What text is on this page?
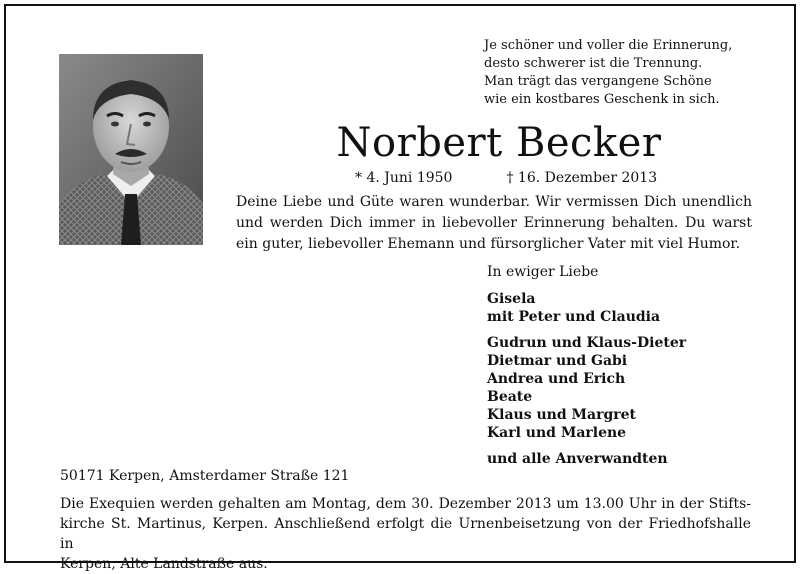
Je schöner und voller die Erinnerung,
desto schwerer ist die Trennung.
Man trägt das vergangene Schöne
wie ein kostbares Geschenk in sich.
Norbert Becker
* 4. Juni 1950	† 16. Dezember 2013

Deine Liebe und Güte waren wunderbar. Wir vermissen Dich unendlich
und werden Dich immer in liebevoller Erinnerung behalten. Du warst
ein guter, liebevoller Ehemann und fürsorglicher Vater mit viel Humor.

In ewiger Liebe
Gisela
mit Peter und Claudia
Gudrun und Klaus-Dieter
Dietmar und Gabi
Andrea und Erich
Beate
Klaus und Margret
Karl und Marlene
und alle Anverwandten
50171 Kerpen, Amsterdamer Straße 121

Die Exequien werden gehalten am Montag, dem 30. Dezember 2013 um 13.00 Uhr in der Stifts-
kirche St. Martinus, Kerpen. Anschließend erfolgt die Urnenbeisetzung von der Friedhofshalle in
Kerpen, Alte Landstraße aus.
